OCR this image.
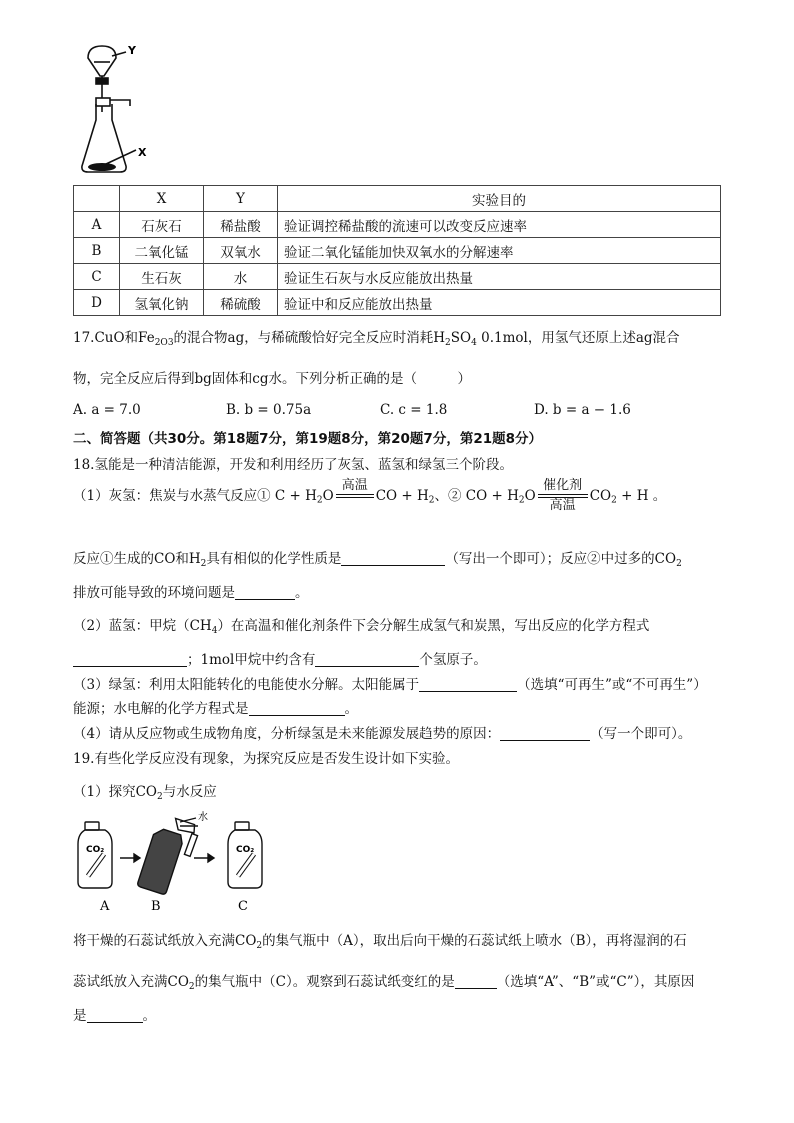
Y
X
	X	Y	实验目的
A	石灰石	稀盐酸	验证调控稀盐酸的流速可以改变反应速率
B	二氧化锰	双氧水	验证二氧化锰能加快双氧水的分解速率
C	生石灰	水	验证生石灰与水反应能放出热量
D	氢氧化钠	稀硫酸	验证中和反应能放出热量
17.CuO和$Fe_{2O3}$的混合物ag，与稀硫酸恰好完全反应时消耗$H_2SO_4$ 0.1mol，用氢气还原上述ag混合
物，完全反应后得到bg固体和cg水。下列分析正确的是（　　　）
A. a = 7.0	B. b = 0.75a	C. c = 1.8	D. b = a − 1.6
二、简答题（共30分。第18题7分，第19题8分，第20题7分，第21题8分）
18.氢能是一种清洁能源，开发和利用经历了灰氢、蓝氢和绿氢三个阶段。
（1）灰氢：焦炭与水蒸气反应① $C + H_2O$
高温
CO + $H_2$、② CO + $H_2O$
催化剂
高温
$CO_2 + H$ 。
反应①生成的CO和$H_2$具有相似的化学性质是	（写出一个即可）；反应②中过多的$CO_2$
排放可能导致的环境问题是	。
（2）蓝氢：甲烷$(CH_4)$在高温和催化剂条件下会分解生成氢气和炭黑，写出反应的化学方程式
；1mol甲烷中约含有	个氢原子。
（3）绿氢：利用太阳能转化的电能使水分解。太阳能属于	（选填“可再生”或“不可再生”）
能源；水电解的化学方程式是	。
（4）请从反应物或生成物角度，分析绿氢是未来能源发展趋势的原因：	（写一个即可）。
19.有些化学反应没有现象，为探究反应是否发生设计如下实验。
（1）探究$CO_2$与水反应
CO₂	CO₂
水
A	B	C
将干燥的石蕊试纸放入充满$CO_2$的集气瓶中（A），取出后向干燥的石蕊试纸上喷水（B），再将湿润的石
蕊试纸放入充满$CO_2$的集气瓶中（C）。观察到石蕊试纸变红的是	（选填“A”、“B”或“C”），其原因
是	。
